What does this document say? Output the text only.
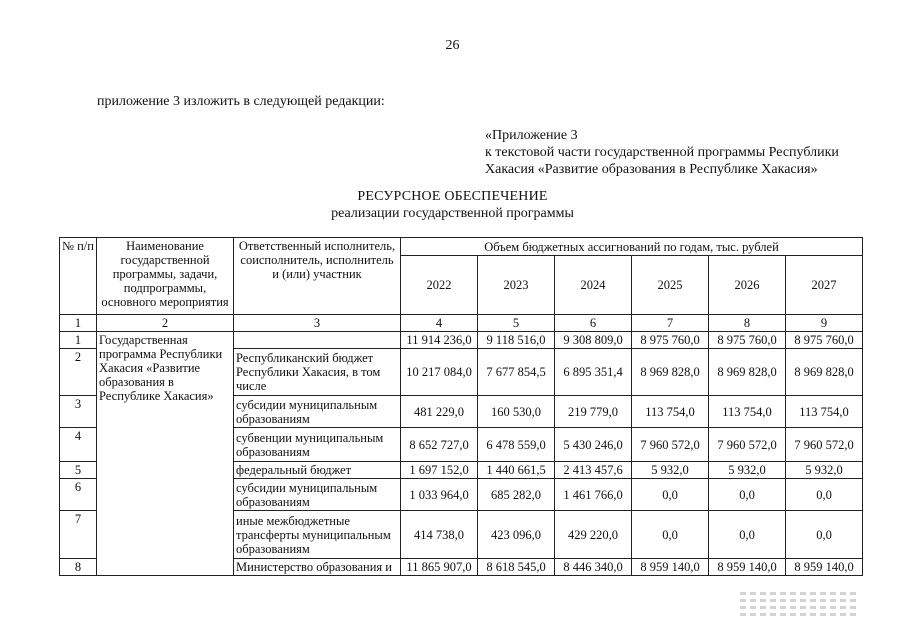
26
приложение 3 изложить в следующей редакции:
«Приложение 3
к текстовой части государственной программы Республики
Хакасия «Развитие образования в Республике Хакасия»
РЕСУРСНОЕ ОБЕСПЕЧЕНИЕ
реализации государственной программы
№ п/п	Наименование государственной программы, задачи, подпрограммы, основного мероприятия	Ответственный исполнитель, соисполнитель, исполнитель и (или) участник	Объем бюджетных ассигнований по годам, тыс. рублей					
			2022	2023	2024	2025	2026	2027
1	2	3	4	5	6	7	8	9
1	Государственная программа Республики Хакасия «Развитие образования в Республике Хакасия»		11 914 236,0	9 118 516,0	9 308 809,0	8 975 760,0	8 975 760,0	8 975 760,0
2		Республиканский бюджет Республики Хакасия, в том числе	10 217 084,0	7 677 854,5	6 895 351,4	8 969 828,0	8 969 828,0	8 969 828,0
3		субсидии муниципальным образованиям	481 229,0	160 530,0	219 779,0	113 754,0	113 754,0	113 754,0
4		субвенции муниципальным образованиям	8 652 727,0	6 478 559,0	5 430 246,0	7 960 572,0	7 960 572,0	7 960 572,0
5		федеральный бюджет	1 697 152,0	1 440 661,5	2 413 457,6	5 932,0	5 932,0	5 932,0
6		субсидии муниципальным образованиям	1 033 964,0	685 282,0	1 461 766,0	0,0	0,0	0,0
7		иные межбюджетные трансферты муниципальным образованиям	414 738,0	423 096,0	429 220,0	0,0	0,0	0,0
8		Министерство образования и	11 865 907,0	8 618 545,0	8 446 340,0	8 959 140,0	8 959 140,0	8 959 140,0
